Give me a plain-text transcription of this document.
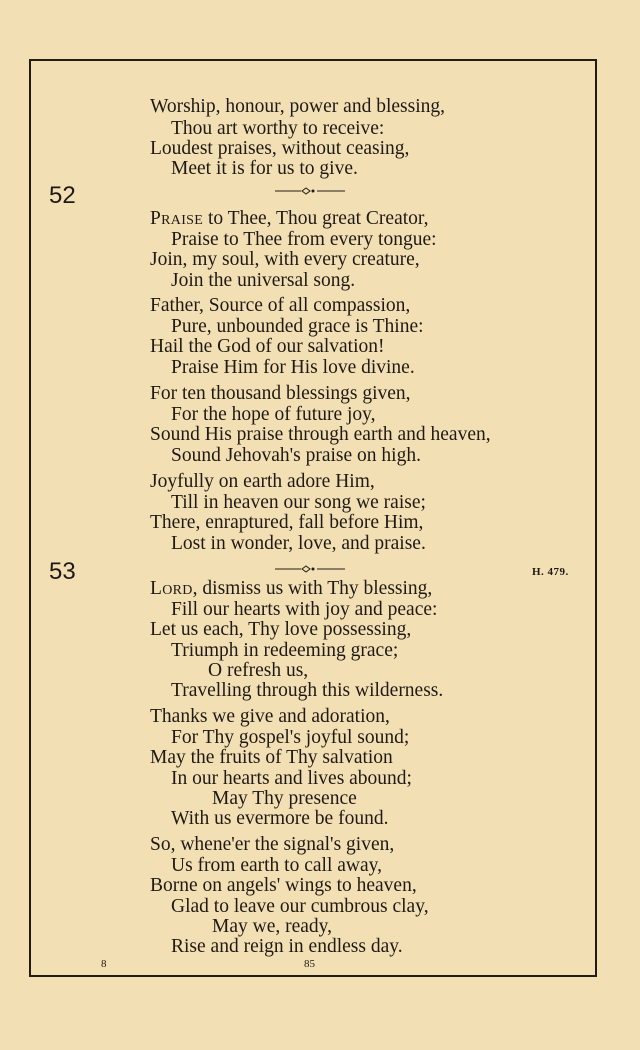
Worship, honour, power and blessing,
Thou art worthy to receive:
Loudest praises, without ceasing,
Meet it is for us to give.
52
Praise to Thee, Thou great Creator,
Praise to Thee from every tongue:
Join, my soul, with every creature,
Join the universal song.
Father, Source of all compassion,
Pure, unbounded grace is Thine:
Hail the God of our salvation!
Praise Him for His love divine.
For ten thousand blessings given,
For the hope of future joy,
Sound His praise through earth and heaven,
Sound Jehovah's praise on high.
Joyfully on earth adore Him,
Till in heaven our song we raise;
There, enraptured, fall before Him,
Lost in wonder, love, and praise.
53	H. 479.
Lord, dismiss us with Thy blessing,
Fill our hearts with joy and peace:
Let us each, Thy love possessing,
Triumph in redeeming grace;
O refresh us,
Travelling through this wilderness.
Thanks we give and adoration,
For Thy gospel's joyful sound;
May the fruits of Thy salvation
In our hearts and lives abound;
May Thy presence
With us evermore be found.
So, whene'er the signal's given,
Us from earth to call away,
Borne on angels' wings to heaven,
Glad to leave our cumbrous clay,
May we, ready,
Rise and reign in endless day.
8	85
